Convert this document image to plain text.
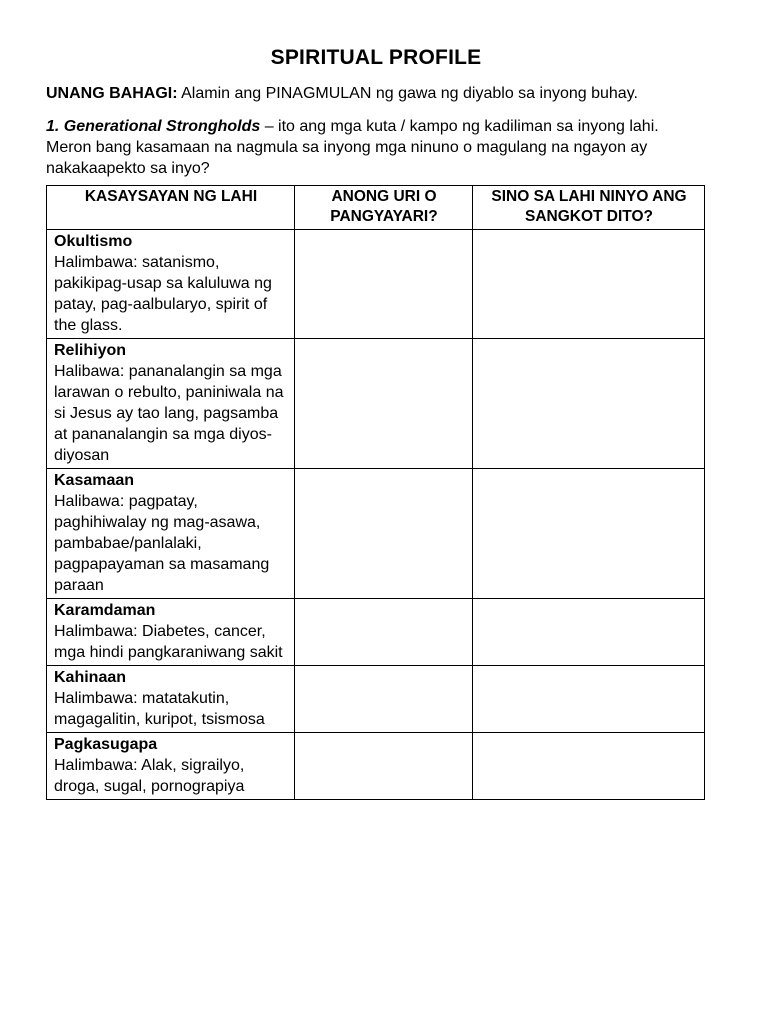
SPIRITUAL PROFILE

UNANG BAHAGI: Alamin ang PINAGMULAN ng gawa ng diyablo sa inyong buhay.

1. Generational Strongholds – ito ang mga kuta / kampo ng kadiliman sa inyong lahi. Meron bang kasamaan na nagmula sa inyong mga ninuno o magulang na ngayon ay nakakaapekto sa inyo?

KASAYSAYAN NG LAHI	ANONG URI O PANGYAYARI?	SINO SA LAHI NINYO ANG SANGKOT DITO?

Okultismo
Halimbawa: satanismo, pakikipag-usap sa kaluluwa ng patay, pag-aalbularyo, spirit of the glass.		

Relihiyon
Halibawa: pananalangin sa mga larawan o rebulto, paniniwala na si Jesus ay tao lang, pagsamba at pananalangin sa mga diyos-diyosan		

Kasamaan
Halibawa: pagpatay, paghihiwalay ng mag-asawa, pambabae/panlalaki, pagpapayaman sa masamang paraan		

Karamdaman
Halimbawa: Diabetes, cancer, mga hindi pangkaraniwang sakit		

Kahinaan
Halimbawa: matatakutin, magagalitin, kuripot, tsismosa		

Pagkasugapa
Halimbawa: Alak, sigrailyo, droga, sugal, pornograpiya		
